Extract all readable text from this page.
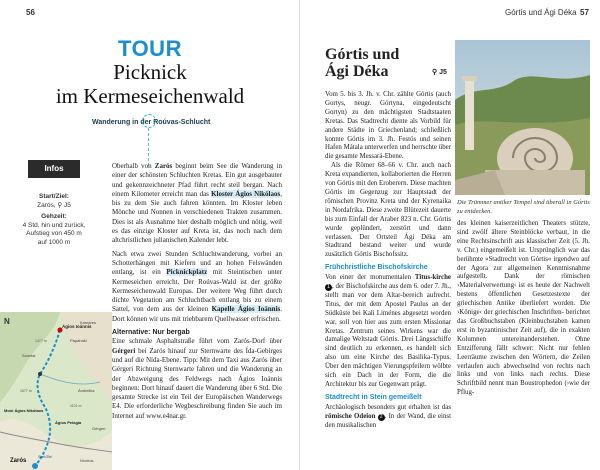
56
TOUR
Picknick
im Kermeseichenwald
Wanderung in der Roúvas-Schlucht
Infos
Start/Ziel:
Zarós, ⚲ J5
Gehzeit:
4 Std. hin und zurück, Aufstieg von 450 m auf 1000 m

Oberhalb von Zarós beginnt beim See die Wanderung in einer der schönsten Schluchten Kretas. Ein gut ausgebauter und gekennzeichneter Pfad führt recht steil bergan. Nach einem Kilometer erreicht man das Kloster Ágios Nikólaos, bis zu dem Sie auch fahren könnten. Im Kloster leben Mönche und Nonnen in verschiedenen Trakten zusammen. Dies ist als Ausnahme hier deshalb möglich und nötig, weil es das einzige Kloster auf Kreta ist, das noch nach dem altchristlichen julianischen Kalender lebt.

Nach etwa zwei Stunden Schluchtwanderung, vorbei an Schotterhängen mit Kiefern und an hohen Felswänden entlang, ist ein Picknickplatz mit Steintischen unter Kermeseichen erreicht. Der Roúvas-Wald ist der größte Kermeseichenwald Europas. Der weitere Weg führt durch dichte Vegetation am Schluchtbach entlang bis zu einem Sattel, von dem aus der kleinen Kapelle Ágios Ioánnis. Dort können wir uns mit triebbarem Quellwasser erfrischen.

Alternative: Nur bergab

Eine schmale Asphaltstraße führt vom Zarós-Dorf über Gérgeri bei Zarós hinauf zur Sternwarte des Ída-Gebirges und auf die Nída-Ebene. Tipp: Mit dem Taxi aus Zarós über Gérgeri Richtung Sternwarte fahren und die Wanderung an der Abzweigung des Feldwegs nach Ágios Ioánnis beginnen: Dort hinauf dauert die Wanderung über 6 Std. Die gesamte Strecke ist ein Teil der Europäischen Wanderwegs E4. Die erforderliche Wegbeschreibung finden Sie auch im Internet auf www.e4nar.gr.

N
Ágios Ioánnis
Somási
Pápahaki
Ámbelika
Moni Ágios Nikólaos
Ágios Pelagía
Zarós
Start/Ziel
Nívritos
1477 m
1677 m
1101 m
Gérgeri
Kamáres
Górtis und Ági Déka 57
Górtis und
Ági Déka	⚲ J5
Die Trümmer antiker Tempel sind überall in Górtis zu entdecken.

Vom 5. bis 3. Jh. v. Chr. zählte Górtis (auch Gortys, neugr. Górtyna, eingedeutscht Gortyn) zu den mächtigsten Stadtstaaten Kretas. Das Stadtrecht diente als Vorbild für andere Städte in Griechenland; schließlich konnte Górtis im 3. Jh. Festós und seinen Hafen Mátala unterwerfen und herrschte über die gesamte Messará-Ebene.

Als die Römer 68–66 v. Chr. auch nach Kreta expandierten, kollaborierten die Herren von Górtis mit den Eroberern. Diese machten Górtis im Gegenzug zur Hauptstadt der römischen Provinz Kreta und der Kyrenaika in Nordafrika. Diese zweite Blütezeit dauerte bis zum Einfall der Araber 823 n. Chr. Górtis wurde geplündert, zerstört und dann verlassen. Der Ortsteil Ági Déka am Stadtrand bestand weiter und wurde zusätzlich Górtis Bischofssitz.

Frühchristliche Bischofskirche

Von einer der monumentalen Titus-kirche 1 , der Bischofskirche aus dem 6. oder 7. Jh., stellt man vor dem Altar-bereich aufrecht. Titus, der mit dem Apostel Paulus an der Südküste bei Kali Liménes abgesetzt worden war, soll von hier aus zum ersten Missionar Kretas. Zentrum seines Wirkens war die damalige Weltstadt Górtis. Drei Längsschiffe sind deutlich zu erkennen, es handelt sich also um eine Kirche des Basilika-Typus. Über den mächtigen Vierungspfeilern wölbte sich ein Dach in der Form, die die Architektur bis zur Gegenwart prägt.

Stadtrecht in Stein gemeißelt

Archäologisch besonders gut erhalten ist das römische Odeion 2 . In der Wand, die einst den musikalischen

des kleinen kaiserzeitlichen Theaters stützte, sind zwölf ältere Steinblöcke verbaut, in die eine Rechtsinschrift aus klassischer Zeit (5. Jh. v. Chr.) eingemeißelt ist. Ursprünglich war das berühmte »Stadtrecht von Górtis« irgendwo auf der Agora zur allgemeinen Kenntnisnahme aufgestellt. Dank der römischen ›Materialverwertung‹ ist es heute der Nachwelt bestens öffentlichen Gesetzestexte der griechischen Antike überliefert worden. Die ›Könige‹ der griechischen Inschriften- berichtet das Großbuchstaben (Kleinbuchstaben kamen erst in byzantinischer Zeit auf), die in exakten Kolumnen untereinanderstehen. Ohne Entzifferung fällt schwer: Nicht nur fehlen Leerräume zwischen den Wörtern, die Zeilen verlaufen auch abwechselnd von rechts nach links und von links nach rechts. Diese Schriftbild nennt man Boustrophedon (›wie der Pflug-
